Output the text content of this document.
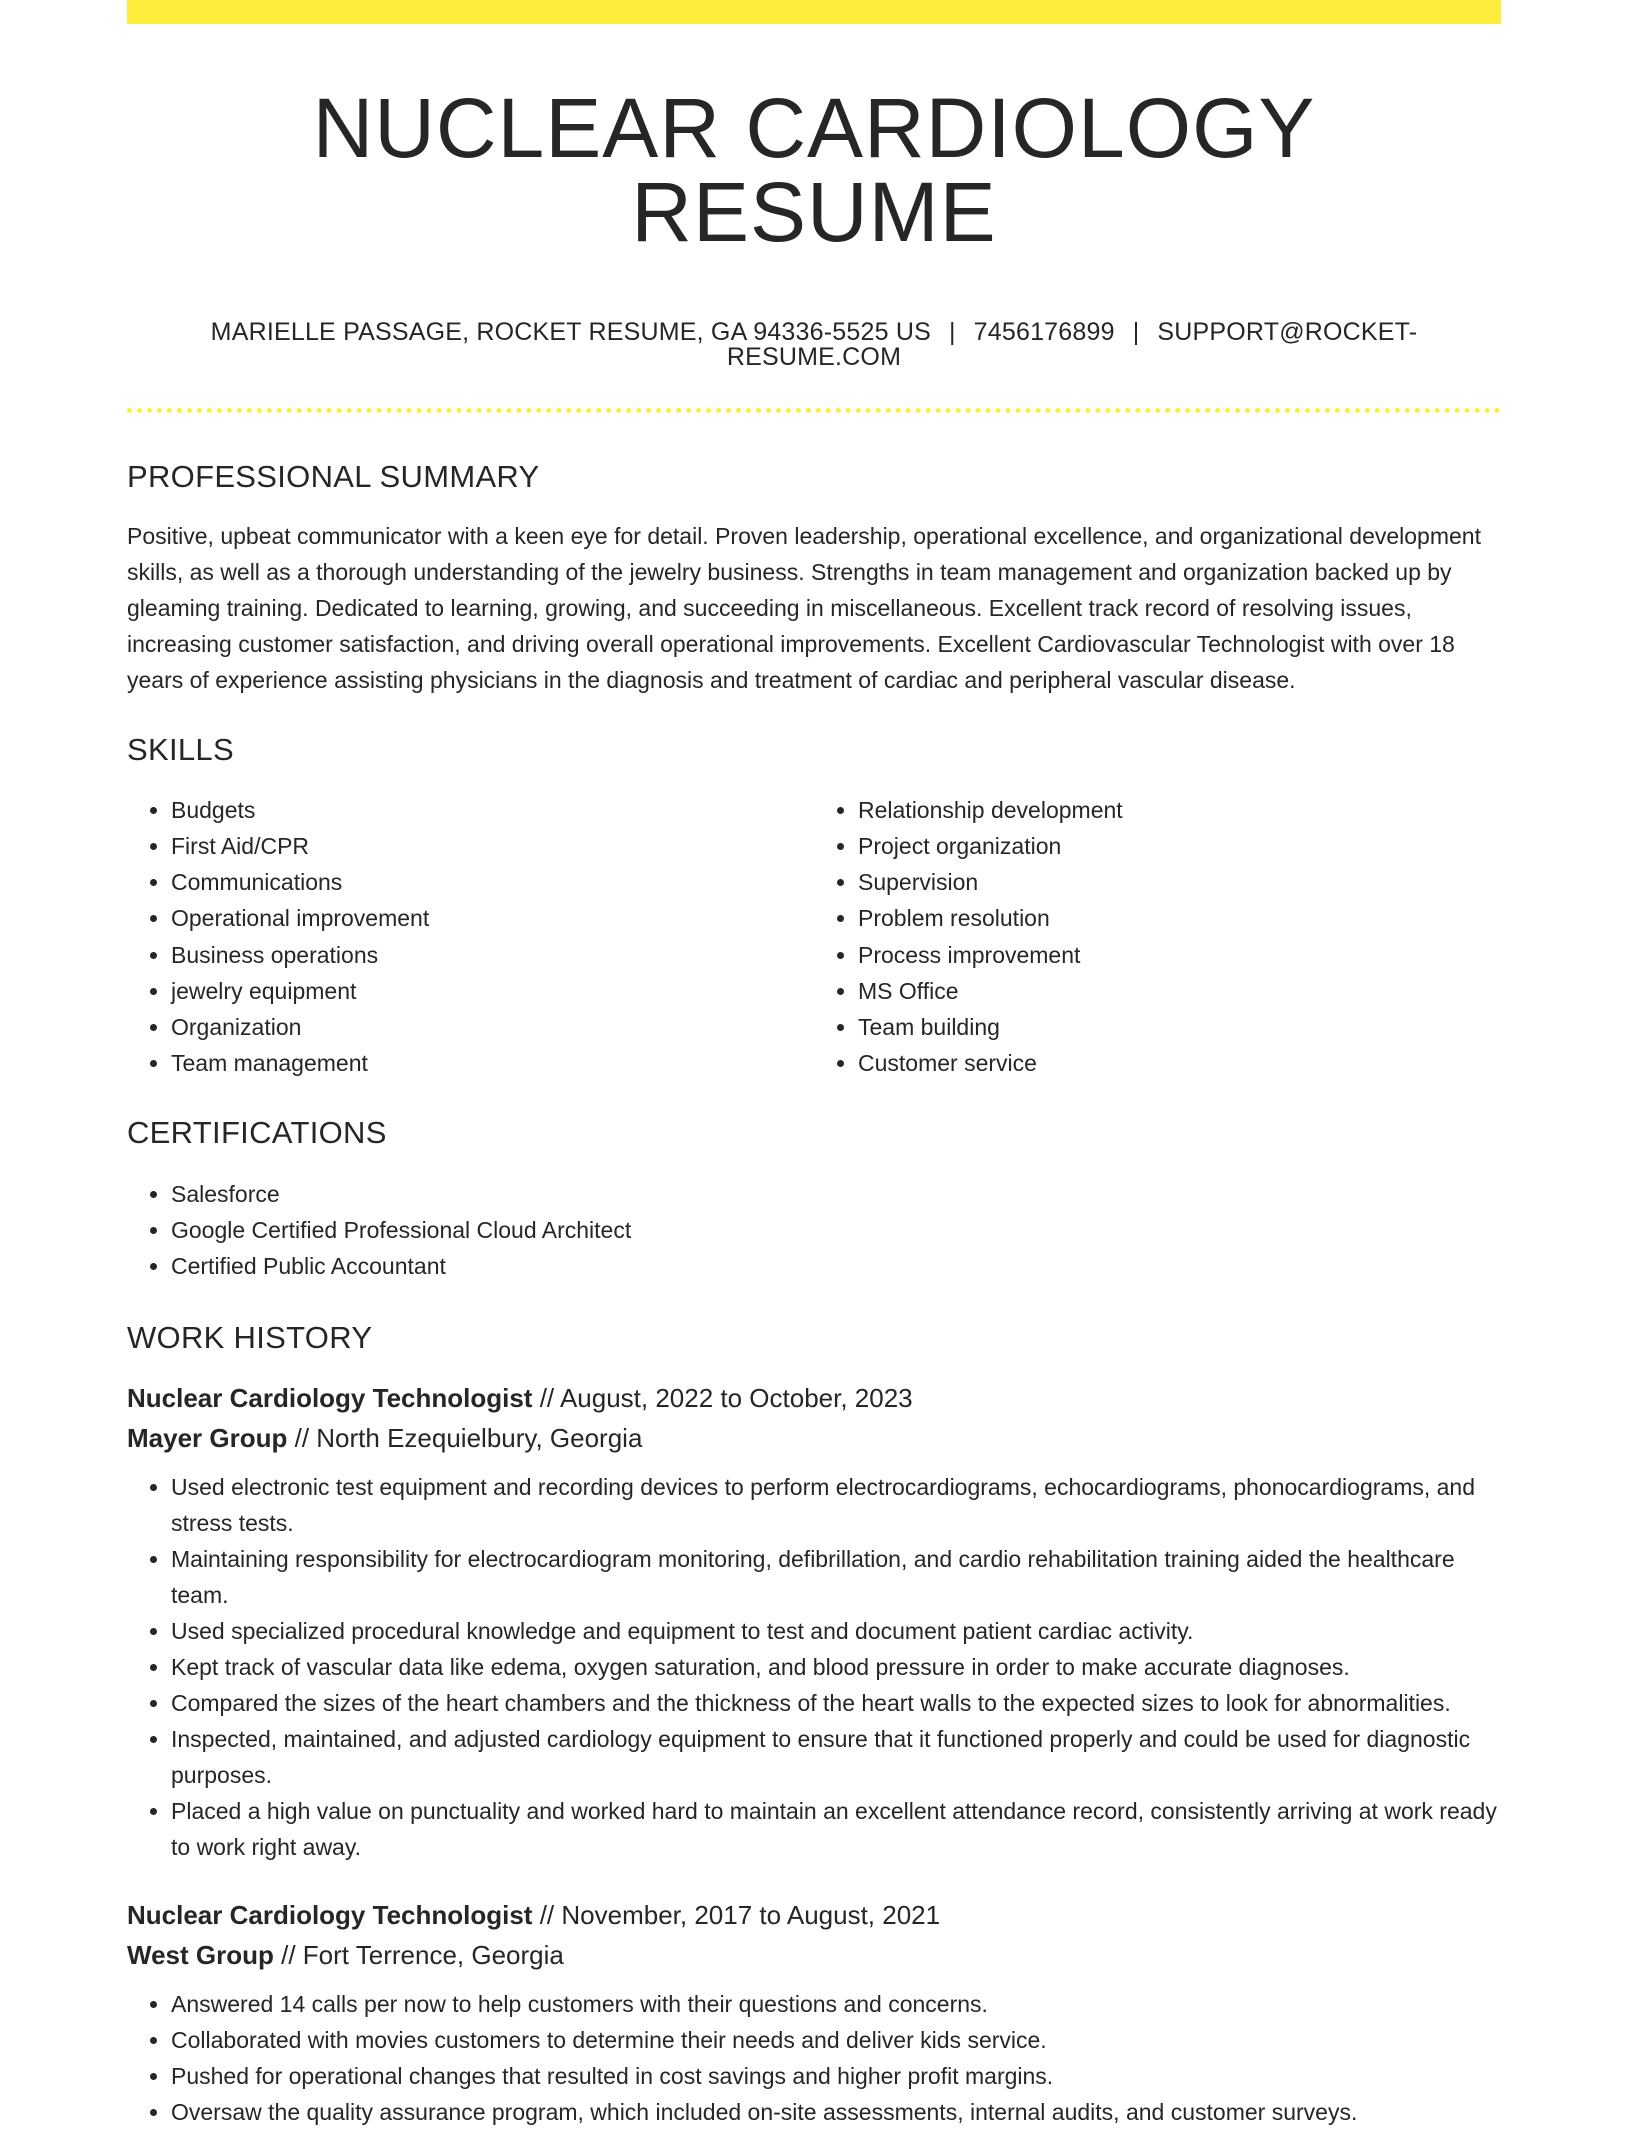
NUCLEAR CARDIOLOGY RESUME
MARIELLE PASSAGE, ROCKET RESUME, GA 94336-5525 US | 7456176899 | SUPPORT@ROCKET-RESUME.COM
PROFESSIONAL SUMMARY

Positive, upbeat communicator with a keen eye for detail. Proven leadership, operational excellence, and organizational development skills, as well as a thorough understanding of the jewelry business. Strengths in team management and organization backed up by gleaming training. Dedicated to learning, growing, and succeeding in miscellaneous. Excellent track record of resolving issues, increasing customer satisfaction, and driving overall operational improvements. Excellent Cardiovascular Technologist with over 18 years of experience assisting physicians in the diagnosis and treatment of cardiac and peripheral vascular disease.

SKILLS
• Budgets
• First Aid/CPR
• Communications
• Operational improvement
• Business operations
• jewelry equipment
• Organization
• Team management
• Relationship development
• Project organization
• Supervision
• Problem resolution
• Process improvement
• MS Office
• Team building
• Customer service
CERTIFICATIONS
• Salesforce
• Google Certified Professional Cloud Architect
• Certified Public Accountant
WORK HISTORY
Nuclear Cardiology Technologist // August, 2022 to October, 2023
Mayer Group // North Ezequielbury, Georgia
• Used electronic test equipment and recording devices to perform electrocardiograms, echocardiograms, phonocardiograms, and stress tests.
• Maintaining responsibility for electrocardiogram monitoring, defibrillation, and cardio rehabilitation training aided the healthcare team.
• Used specialized procedural knowledge and equipment to test and document patient cardiac activity.
• Kept track of vascular data like edema, oxygen saturation, and blood pressure in order to make accurate diagnoses.
• Compared the sizes of the heart chambers and the thickness of the heart walls to the expected sizes to look for abnormalities.
• Inspected, maintained, and adjusted cardiology equipment to ensure that it functioned properly and could be used for diagnostic purposes.
• Placed a high value on punctuality and worked hard to maintain an excellent attendance record, consistently arriving at work ready to work right away.
Nuclear Cardiology Technologist // November, 2017 to August, 2021
West Group // Fort Terrence, Georgia
• Answered 14 calls per now to help customers with their questions and concerns.
• Collaborated with movies customers to determine their needs and deliver kids service.
• Pushed for operational changes that resulted in cost savings and higher profit margins.
• Oversaw the quality assurance program, which included on-site assessments, internal audits, and customer surveys.
